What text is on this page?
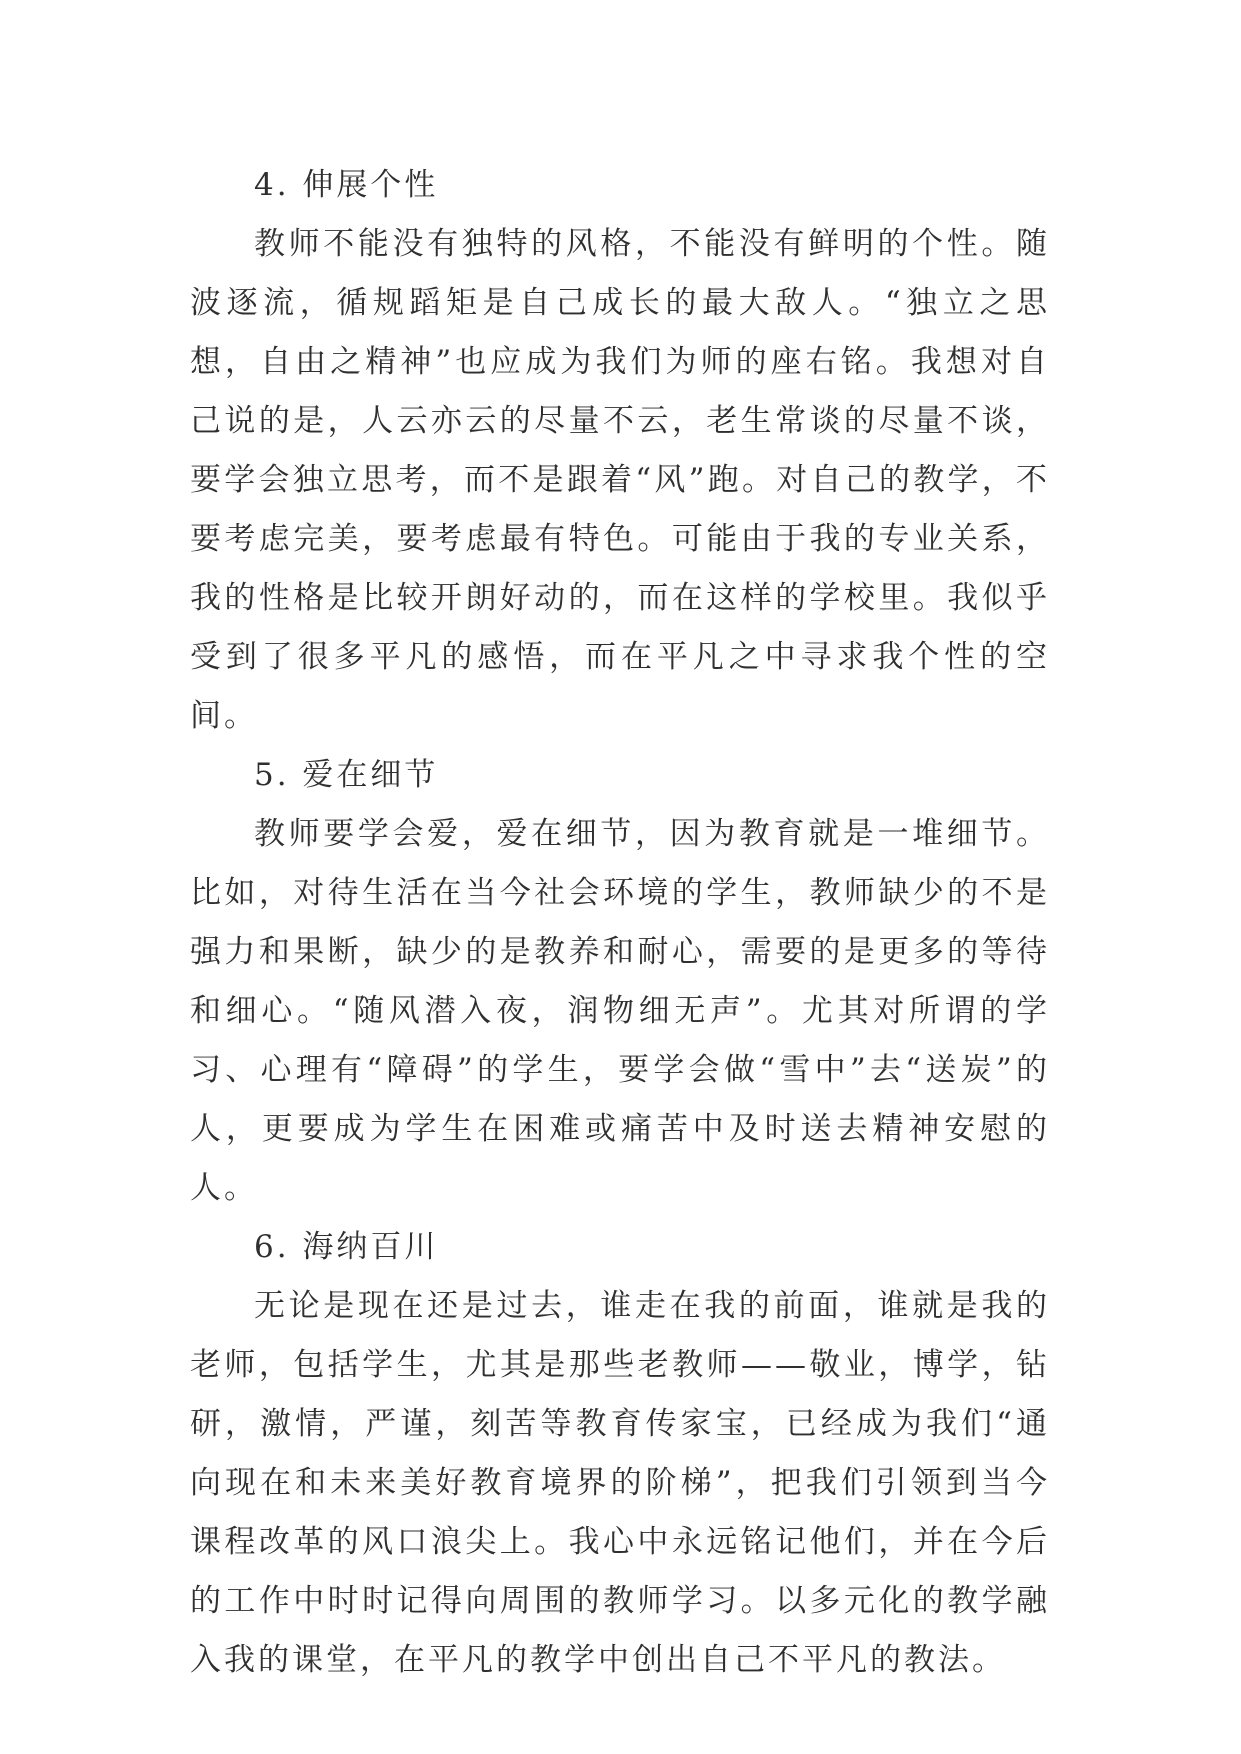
4. 伸展个性

教师不能没有独特的风格，不能没有鲜明的个性。随波逐流，循规蹈矩是自己成长的最大敌人。“独立之思想，自由之精神”也应成为我们为师的座右铭。我想对自己说的是，人云亦云的尽量不云，老生常谈的尽量不谈，要学会独立思考，而不是跟着“风”跑。对自己的教学，不要考虑完美，要考虑最有特色。可能由于我的专业关系，我的性格是比较开朗好动的，而在这样的学校里。我似乎受到了很多平凡的感悟，而在平凡之中寻求我个性的空间。

5. 爱在细节

教师要学会爱，爱在细节，因为教育就是一堆细节。比如，对待生活在当今社会环境的学生，教师缺少的不是强力和果断，缺少的是教养和耐心，需要的是更多的等待和细心。“随风潜入夜，润物细无声”。尤其对所谓的学习、心理有“障碍”的学生，要学会做“雪中”去“送炭”的人，更要成为学生在困难或痛苦中及时送去精神安慰的人。

6. 海纳百川

无论是现在还是过去，谁走在我的前面，谁就是我的老师，包括学生，尤其是那些老教师——敬业，博学，钻研，激情，严谨，刻苦等教育传家宝，已经成为我们“通向现在和未来美好教育境界的阶梯”，把我们引领到当今课程改革的风口浪尖上。我心中永远铭记他们，并在今后的工作中时时记得向周围的教师学习。以多元化的教学融入我的课堂，在平凡的教学中创出自己不平凡的教法。
